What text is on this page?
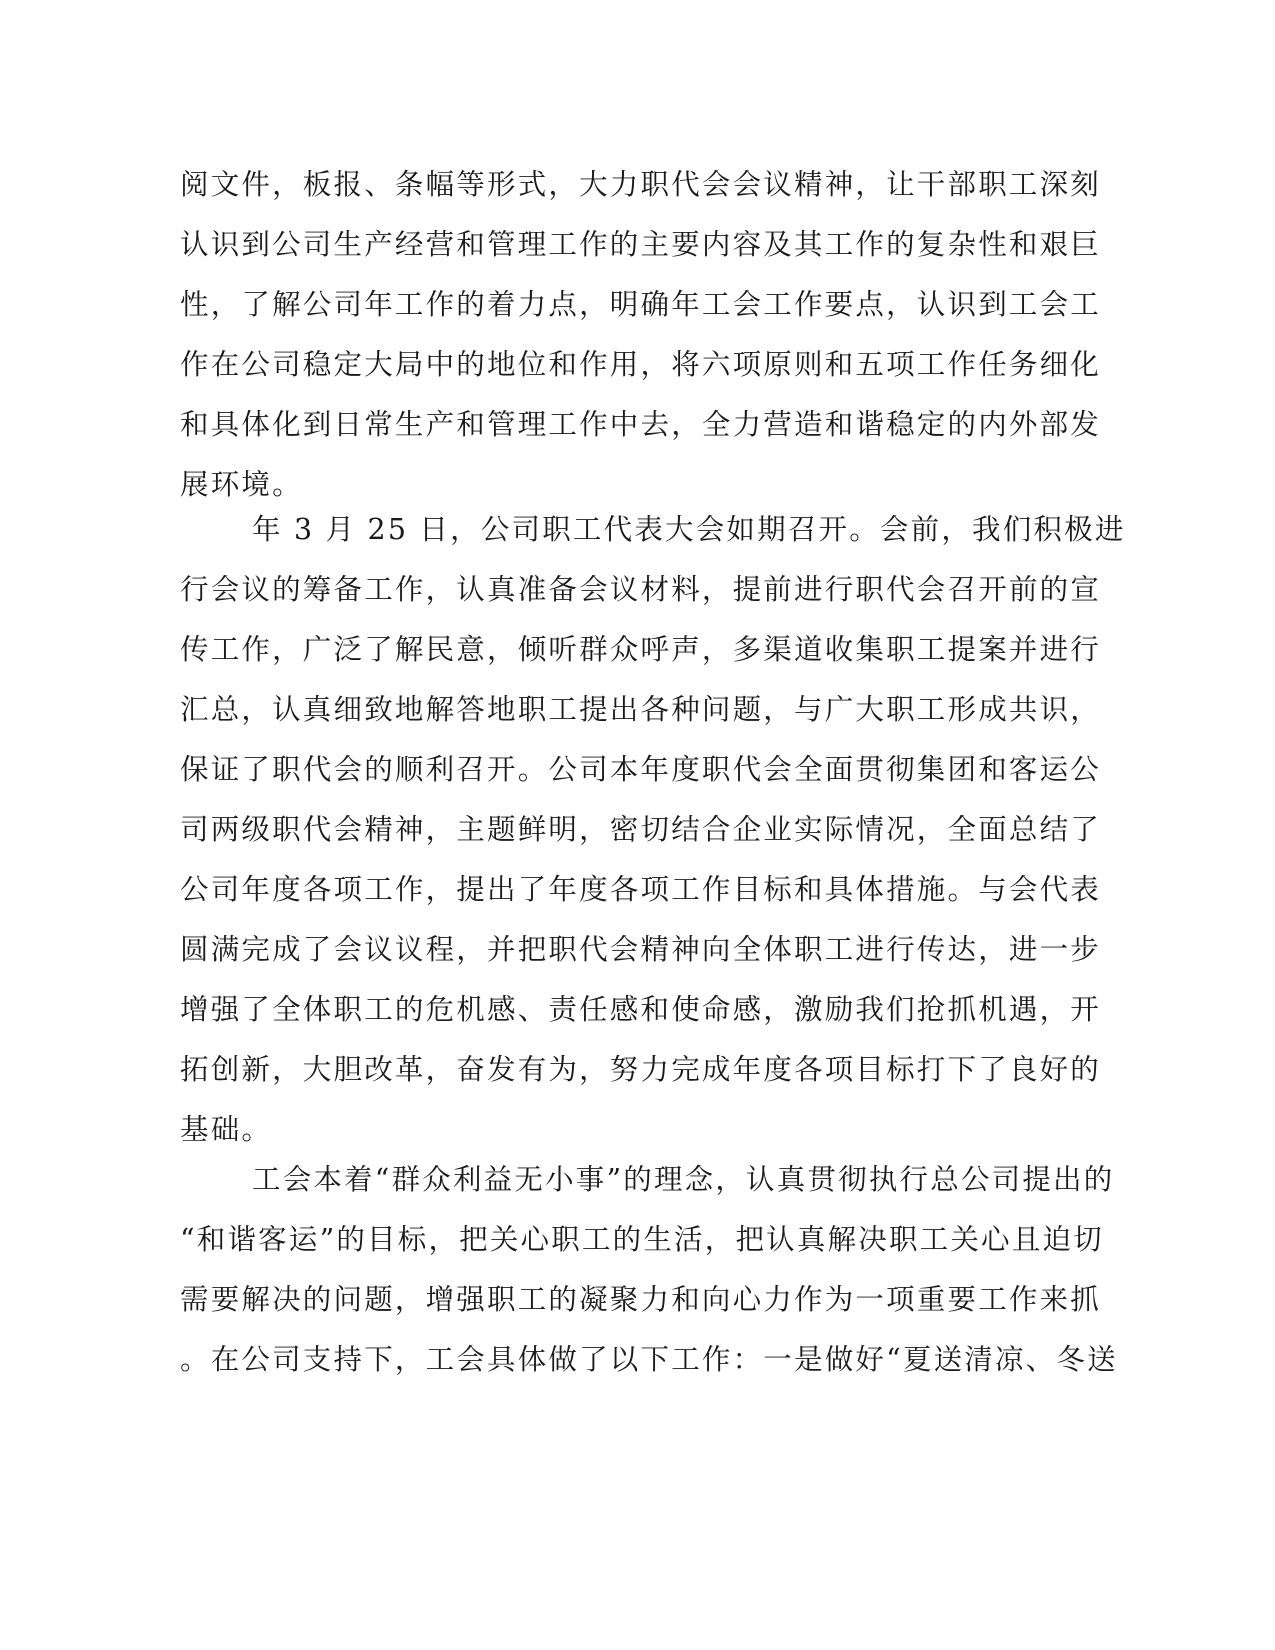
阅文件，板报、条幅等形式，大力职代会会议精神，让干部职工深刻
认识到公司生产经营和管理工作的主要内容及其工作的复杂性和艰巨
性，了解公司年工作的着力点，明确年工会工作要点，认识到工会工
作在公司稳定大局中的地位和作用，将六项原则和五项工作任务细化
和具体化到日常生产和管理工作中去，全力营造和谐稳定的内外部发
展环境。
年 3 月 25 日，公司职工代表大会如期召开。会前，我们积极进
行会议的筹备工作，认真准备会议材料，提前进行职代会召开前的宣
传工作，广泛了解民意，倾听群众呼声，多渠道收集职工提案并进行
汇总，认真细致地解答地职工提出各种问题，与广大职工形成共识，
保证了职代会的顺利召开。公司本年度职代会全面贯彻集团和客运公
司两级职代会精神，主题鲜明，密切结合企业实际情况，全面总结了
公司年度各项工作，提出了年度各项工作目标和具体措施。与会代表
圆满完成了会议议程，并把职代会精神向全体职工进行传达，进一步
增强了全体职工的危机感、责任感和使命感，激励我们抢抓机遇，开
拓创新，大胆改革，奋发有为，努力完成年度各项目标打下了良好的
基础。
工会本着“群众利益无小事”的理念，认真贯彻执行总公司提出的
“和谐客运”的目标，把关心职工的生活，把认真解决职工关心且迫切
需要解决的问题，增强职工的凝聚力和向心力作为一项重要工作来抓
。在公司支持下，工会具体做了以下工作：一是做好“夏送清凉、冬送
